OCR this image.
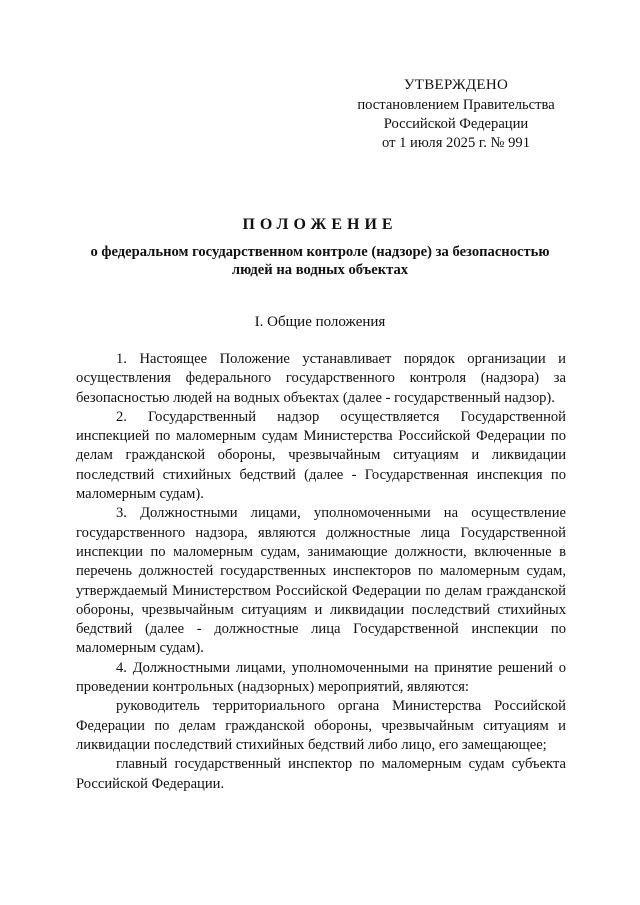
УТВЕРЖДЕНО
постановлением Правительства
Российской Федерации
от 1 июля 2025 г. № 991
ПОЛОЖЕНИЕ
о федеральном государственном контроле (надзоре) за безопасностью людей на водных объектах
I. Общие положения

1. Настоящее Положение устанавливает порядок организации и осуществления федерального государственного контроля (надзора) за безопасностью людей на водных объектах (далее - государственный надзор).

2. Государственный надзор осуществляется Государственной инспекцией по маломерным судам Министерства Российской Федерации по делам гражданской обороны, чрезвычайным ситуациям и ликвидации последствий стихийных бедствий (далее - Государственная инспекция по маломерным судам).

3. Должностными лицами, уполномоченными на осуществление государственного надзора, являются должностные лица Государственной инспекции по маломерным судам, занимающие должности, включенные в перечень должностей государственных инспекторов по маломерным судам, утверждаемый Министерством Российской Федерации по делам гражданской обороны, чрезвычайным ситуациям и ликвидации последствий стихийных бедствий (далее - должностные лица Государственной инспекции по маломерным судам).

4. Должностными лицами, уполномоченными на принятие решений о проведении контрольных (надзорных) мероприятий, являются:

руководитель территориального органа Министерства Российской Федерации по делам гражданской обороны, чрезвычайным ситуациям и ликвидации последствий стихийных бедствий либо лицо, его замещающее;

главный государственный инспектор по маломерным судам субъекта Российской Федерации.
